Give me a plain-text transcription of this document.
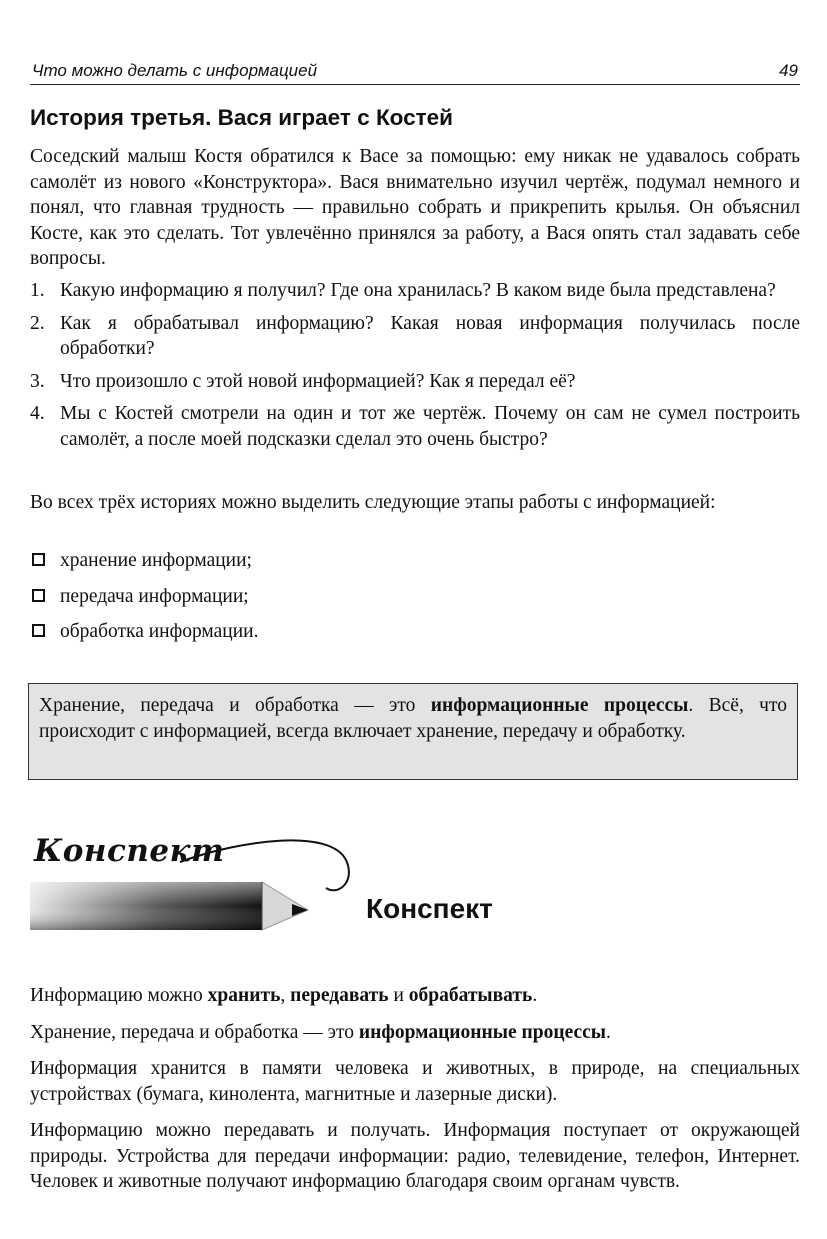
Что можно делать с информацией	49
История третья. Вася играет с Костей

Соседский малыш Костя обратился к Васе за помощью: ему никак не удавалось собрать самолёт из нового «Конструктора». Вася внимательно изучил чертёж, подумал немного и понял, что главная трудность — правильно собрать и прикрепить крылья. Он объяснил Косте, как это сделать. Тот увлечённо принялся за работу, а Вася опять стал задавать себе вопросы.

1. Какую информацию я получил? Где она хранилась? В каком виде была представлена?
2. Как я обрабатывал информацию? Какая новая информация получилась после обработки?
3. Что произошло с этой новой информацией? Как я передал её?
4. Мы с Костей смотрели на один и тот же чертёж. Почему он сам не сумел построить самолёт, а после моей подсказки сделал это очень быстро?

Во всех трёх историях можно выделить следующие этапы работы с информацией:

хранение информации;
передача информации;
обработка информации.

Хранение, передача и обработка — это информационные процессы. Всё, что происходит с информацией, всегда включает хранение, передачу и обработку.

Конспект
Конспект

Информацию можно хранить, передавать и обрабатывать.

Хранение, передача и обработка — это информационные процессы.

Информация хранится в памяти человека и животных, в природе, на специальных устройствах (бумага, кинолента, магнитные и лазерные диски).

Информацию можно передавать и получать. Информация поступает от окружающей природы. Устройства для передачи информации: радио, телевидение, телефон, Интернет. Человек и животные получают информацию благодаря своим органам чувств.
